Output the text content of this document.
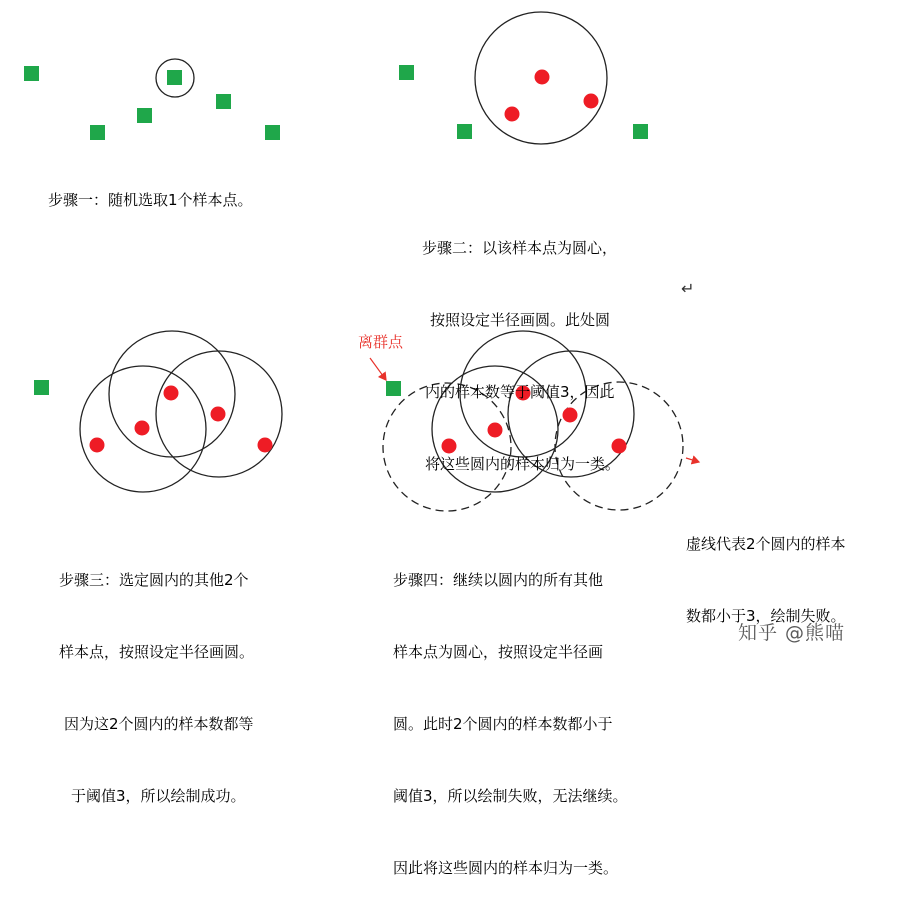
步骤一：随机选取1个样本点。

步骤二：以该样本点为圆心，

按照设定半径画圆。此处圆

内的样本数等于阈值3，因此

将这些圆内的样本归为一类。

步骤三：选定圆内的其他2个

样本点，按照设定半径画圆。

因为这2个圆内的样本数都等

于阈值3，所以绘制成功。

步骤四：继续以圆内的所有其他

样本点为圆心，按照设定半径画

圆。此时2个圆内的样本数都小于

阈值3，所以绘制失败，无法继续。

因此将这些圆内的样本归为一类。

离群点

虚线代表2个圆内的样本

数都小于3，绘制失败。

↵
知乎 @熊喵
